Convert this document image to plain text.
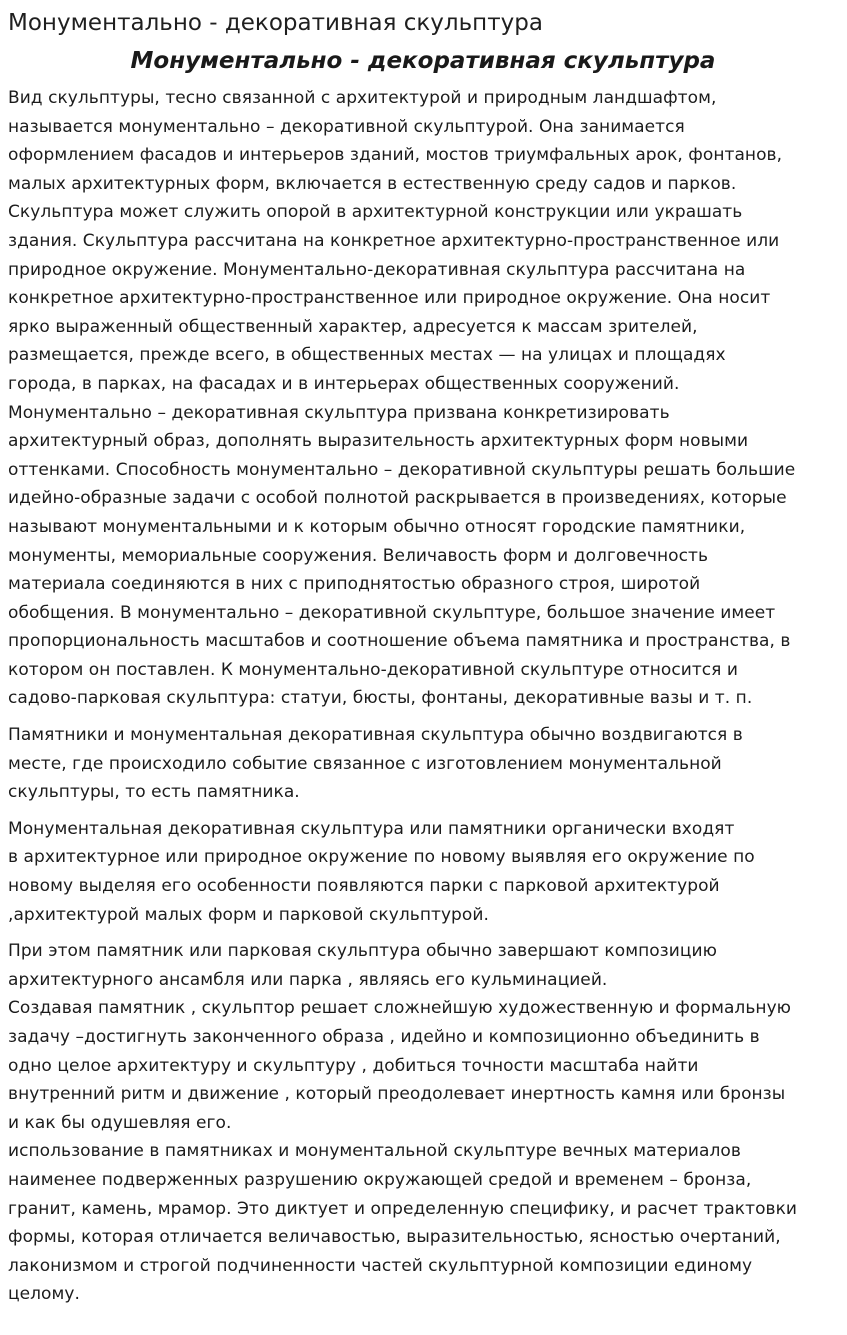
Монументально - декоративная скульптура
Монументально - декоративная скульптура

Вид скульптуры, тесно связанной с архитектурой и природным ландшафтом,
называется монументально – декоративной скульптурой. Она занимается
оформлением фасадов и интерьеров зданий, мостов триумфальных арок, фонтанов,
малых архитектурных форм, включается в естественную среду садов и парков.
Скульптура может служить опорой в архитектурной конструкции или украшать
здания. Скульптура рассчитана на конкретное архитектурно-пространственное или
природное окружение. Монументально-декоративная скульптура рассчитана на
конкретное архитектурно-пространственное или природное окружение. Она носит
ярко выраженный общественный характер, адресуется к массам зрителей,
размещается, прежде всего, в общественных местах — на улицах и площадях
города, в парках, на фасадах и в интерьерах общественных сооружений.
Монументально – декоративная скульптура призвана конкретизировать
архитектурный образ, дополнять выразительность архитектурных форм новыми
оттенками. Способность монументально – декоративной скульптуры решать большие
идейно-образные задачи с особой полнотой раскрывается в произведениях, которые
называют монументальными и к которым обычно относят городские памятники,
монументы, мемориальные сооружения. Величавость форм и долговечность
материала соединяются в них с приподнятостью образного строя, широтой
обобщения. В монументально – декоративной скульптуре, большое значение имеет
пропорциональность масштабов и соотношение объема памятника и пространства, в
котором он поставлен. К монументально-декоративной скульптуре относится и
садово-парковая скульптура: статуи, бюсты, фонтаны, декоративные вазы и т. п.

Памятники и монументальная декоративная скульптура обычно воздвигаются в
месте, где происходило событие связанное с изготовлением монументальной
скульптуры, то есть памятника.

Монументальная декоративная скульптура или памятники органически входят
в архитектурное или природное окружение по новому выявляя его окружение по
новому выделяя его особенности появляются парки с парковой архитектурой
,архитектурой малых форм и парковой скульптурой.

При этом памятник или парковая скульптура обычно завершают композицию
архитектурного ансамбля или парка , являясь его кульминацией.

Создавая памятник , скульптор решает сложнейшую художественную и формальную
задачу –достигнуть законченного образа , идейно и композиционно объединить в
одно целое архитектуру и скульптуру , добиться точности масштаба найти
внутренний ритм и движение , который преодолевает инертность камня или бронзы
и как бы одушевляя его.

использование в памятниках и монументальной скульптуре вечных материалов
наименее подверженных разрушению окружающей средой и временем – бронза,
гранит, камень, мрамор. Это диктует и определенную специфику, и расчет трактовки
формы, которая отличается величавостью, выразительностью, ясностью очертаний,
лаконизмом и строгой подчиненности частей скульптурной композиции единому
целому.
